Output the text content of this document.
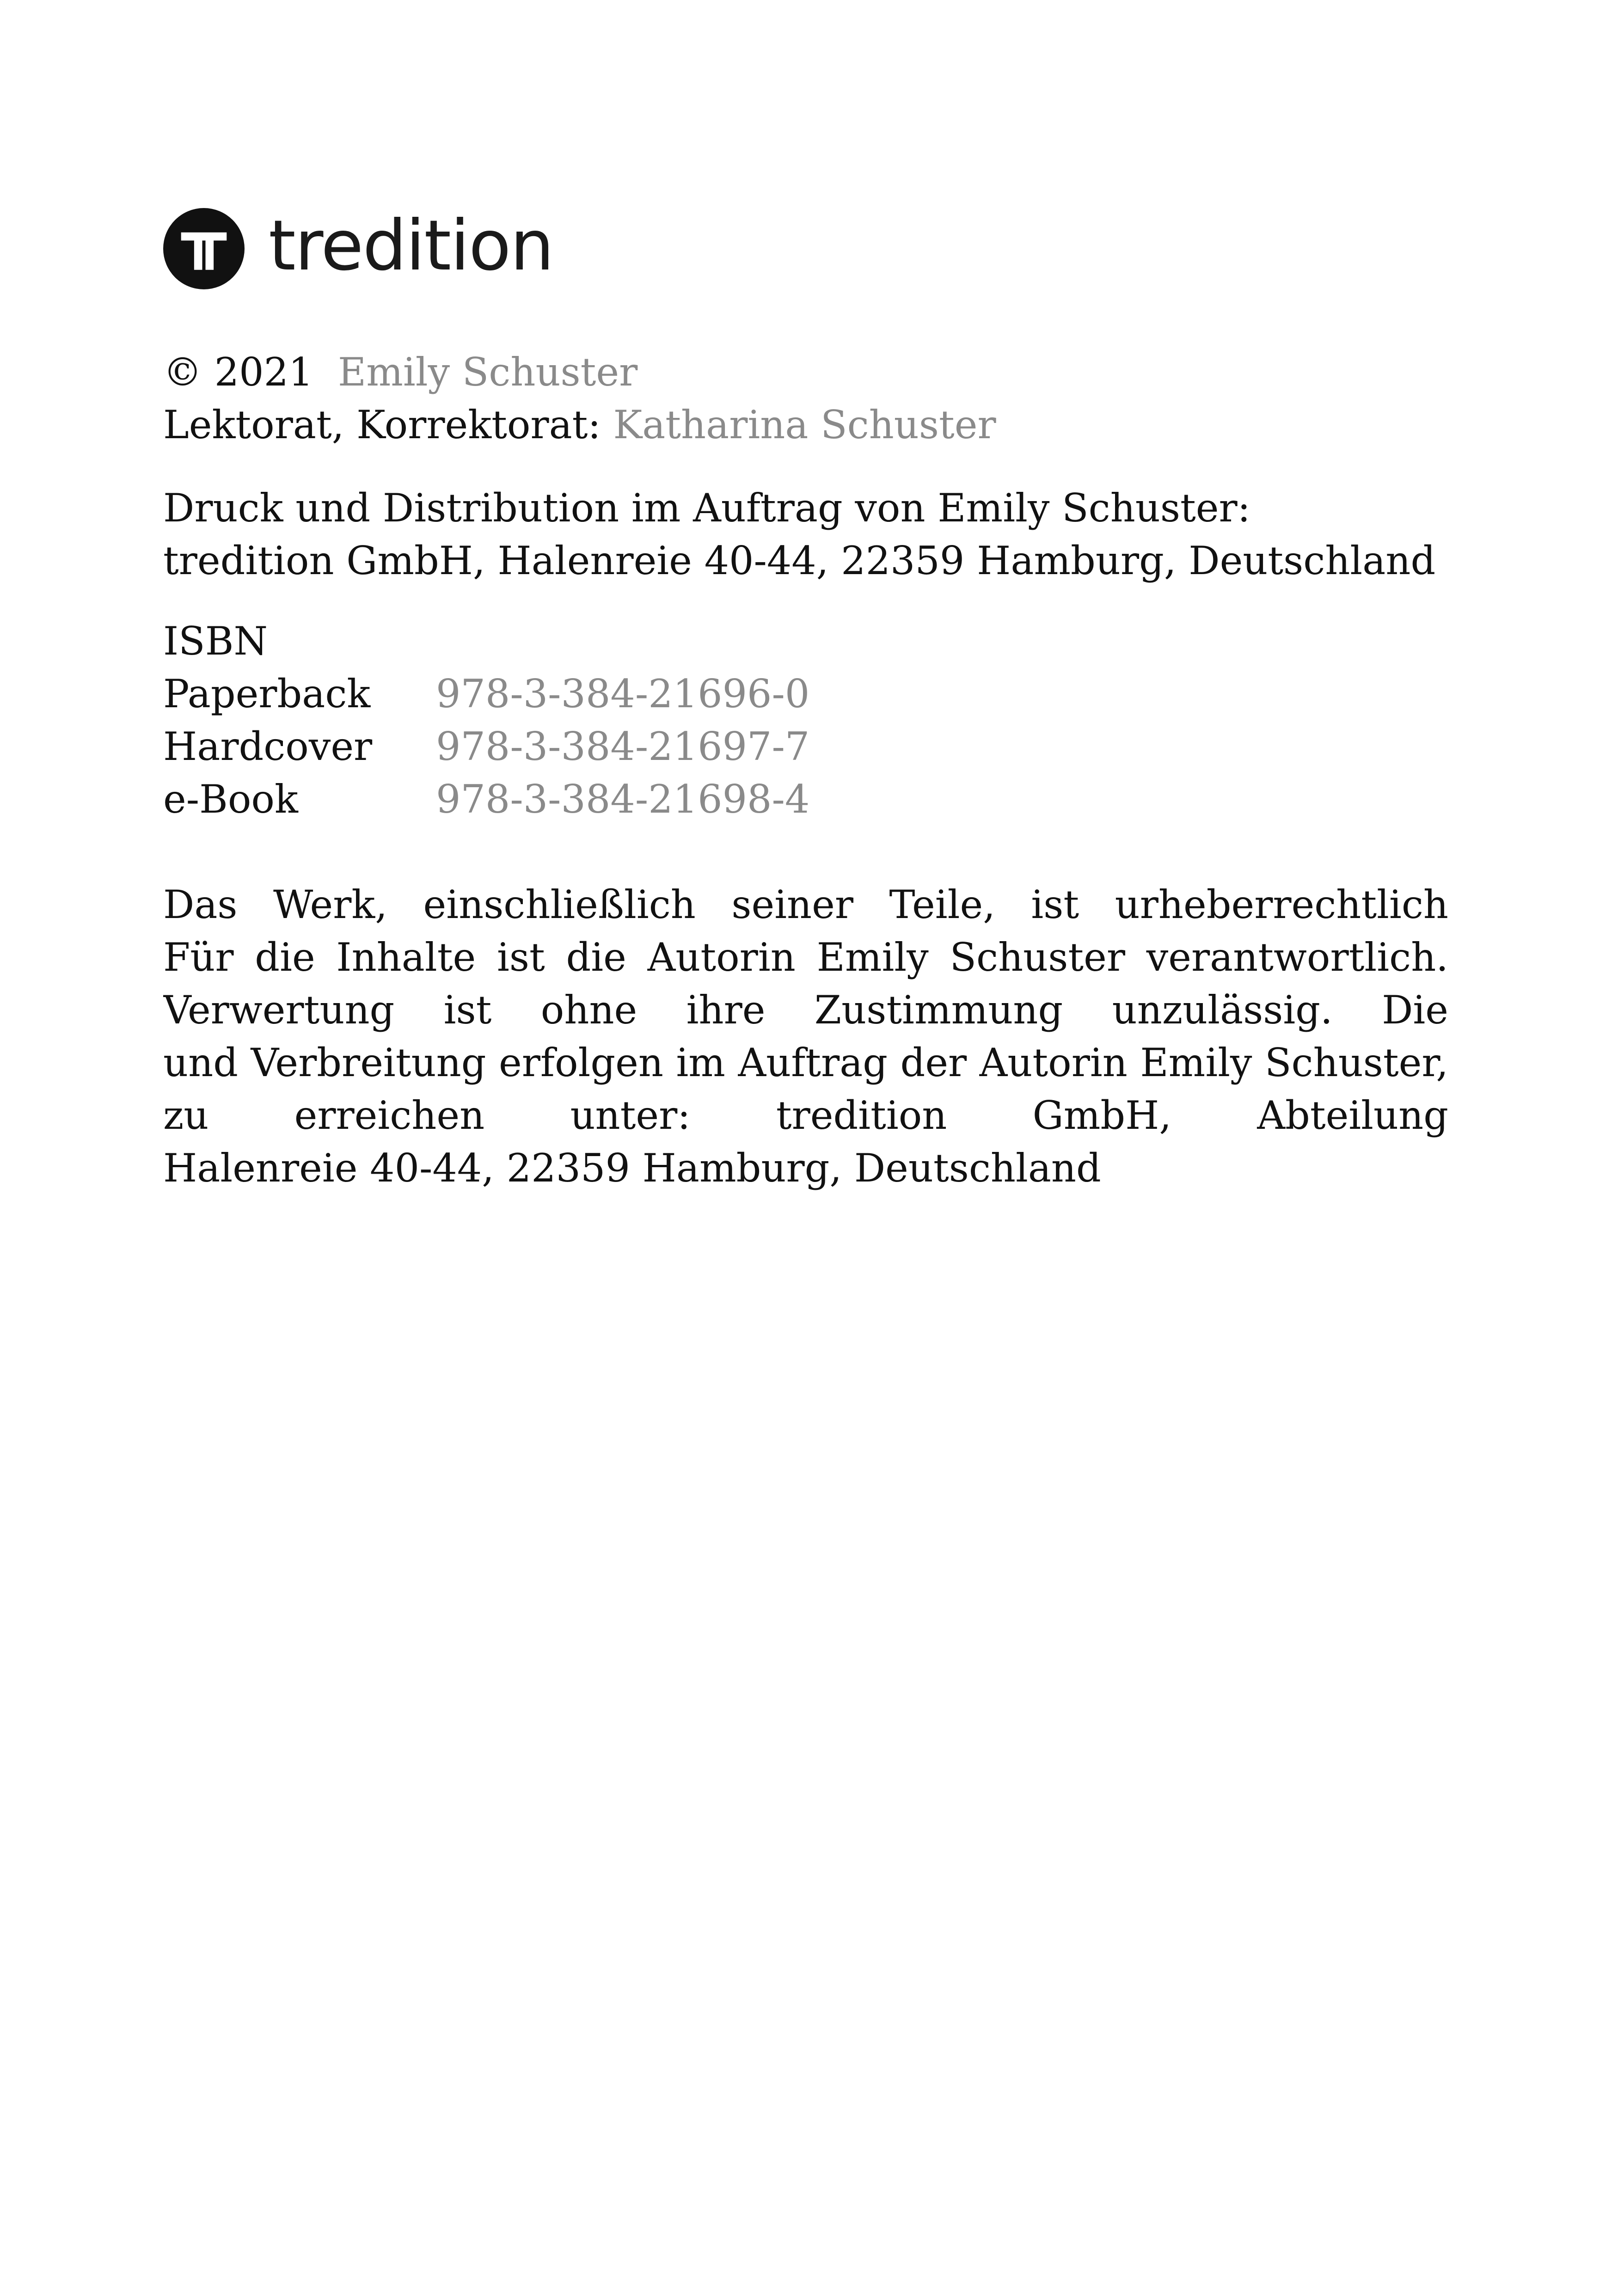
tredition
© 2021 Emily Schuster
Lektorat, Korrektorat: Katharina Schuster
Druck und Distribution im Auftrag von Emily Schuster:
tredition GmbH, Halenreie 40-44, 22359 Hamburg, Deutschland
ISBN
Paperback	978-3-384-21696-0
Hardcover	978-3-384-21697-7
e-Book	978-3-384-21698-4
Das Werk, einschließlich seiner Teile, ist urheberrechtlich
Für die Inhalte ist die Autorin Emily Schuster verantwortlich.
Verwertung ist ohne ihre Zustimmung unzulässig. Die
und Verbreitung erfolgen im Auftrag der Autorin Emily Schuster,
zu erreichen unter: tredition GmbH, Abteilung
Halenreie 40-44, 22359 Hamburg, Deutschland
